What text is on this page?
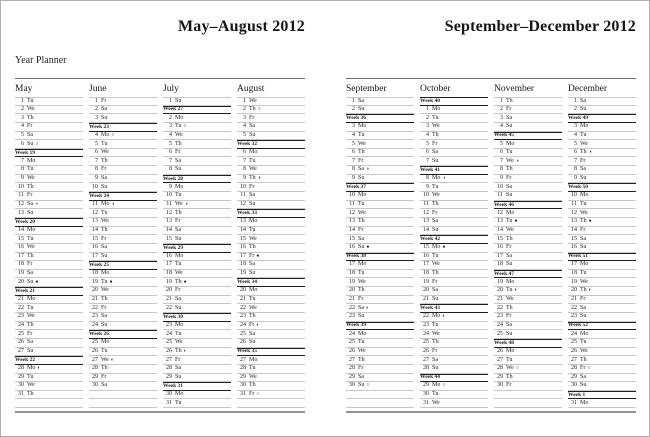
May–August 2012
Year Planner
May
1 Tu
2 We
3 Th
4 Fr
5 Sa
6 Su ○
Week 19
7 Mo
8 Tu
9 We
10 Th
11 Fr
12 Sa ◑
13 Su
Week 20
14 Mo
15 Tu
16 We
17 Th
18 Fr
19 Sa
20 Su ●
Week 21
21 Mo
22 Tu
23 We
24 Th
25 Fr
26 Sa
27 Su
Week 22
28 Mo ◐
29 Tu
30 We
31 Th
June
1 Fr
2 Sa
3 Su
Week 23
4 Mo ○
5 Tu
6 We
7 Th
8 Fr
9 Sa
10 Su
Week 24
11 Mo ◑
12 Tu
13 We
14 Th
15 Fr
16 Sa
17 Su
Week 25
18 Mo
19 Tu ●
20 We
21 Th
22 Fr
23 Sa
24 Su
Week 26
25 Mo
26 Tu
27 We ◐
28 Th
29 Fr
30 Sa
July
1 Su
Week 27
2 Mo
3 Tu ○
4 We
5 Th
6 Fr
7 Sa
8 Su
Week 28
9 Mo
10 Tu
11 We ◑
12 Th
13 Fr
14 Sa
15 Su
Week 29
16 Mo
17 Tu
18 We
19 Th ●
20 Fr
21 Sa
22 Su
Week 30
23 Mo
24 Tu
25 We
26 Th ◐
27 Fr
28 Sa
29 Su
Week 31
30 Mo
31 Tu
August
1 We
2 Th ○
3 Fr
4 Sa
5 Su
Week 32
6 Mo
7 Tu
8 We
9 Th ◑
10 Fr
11 Sa
12 Su
Week 33
13 Mo
14 Tu
15 We
16 Th
17 Fr ●
18 Sa
19 Su
Week 34
20 Mo
21 Tu
22 We
23 Th
24 Fr ◐
25 Sa
26 Su
Week 35
27 Mo
28 Tu
29 We
30 Th
31 Fr ○
September–December 2012
September
1 Sa
2 Su
Week 36
3 Mo
4 Tu
5 We
6 Th
7 Fr
8 Sa ◑
9 Su
Week 37
10 Mo
11 Tu
12 We
13 Th
14 Fr
15 Sa
16 Su ●
Week 38
17 Mo
18 Tu
19 We
20 Th
21 Fr
22 Sa ◐
23 Su
Week 39
24 Mo
25 Tu
26 We
27 Th
28 Fr
29 Sa
30 Su ○
October
Week 40
1 Mo
2 Tu
3 We
4 Th
5 Fr
6 Sa
7 Su
Week 41
8 Mo ◑
9 Tu
10 We
11 Th
12 Fr
13 Sa
14 Su
Week 42
15 Mo ●
16 Tu
17 We
18 Th
19 Fr
20 Sa
21 Su
Week 43
22 Mo ◐
23 Tu
24 We
25 Th
26 Fr
27 Sa
28 Su
Week 44
29 Mo ○
30 Tu
31 We
November
1 Th
2 Fr
3 Sa
4 Su
Week 45
5 Mo
6 Tu
7 We ◑
8 Th
9 Fr
10 Sa
11 Su
Week 46
12 Mo
13 Tu ●
14 We
15 Th
16 Fr
17 Sa
18 Su
Week 47
19 Mo
20 Tu ◐
21 We
22 Th
23 Fr
24 Sa
25 Su
Week 48
26 Mo
27 Tu
28 We ○
29 Th
30 Fr
December
1 Sa
2 Su
Week 49
3 Mo
4 Tu
5 We
6 Th ◑
7 Fr
8 Sa
9 Su
Week 50
10 Mo
11 Tu
12 We
13 Th ●
14 Fr
15 Sa
16 Su
Week 51
17 Mo
18 Tu
19 We
20 Th ◐
21 Fr
22 Sa
23 Su
Week 52
24 Mo
25 Tu
26 We
27 Th
28 Fr ○
29 Sa
30 Su
Week 1
31 Mo
